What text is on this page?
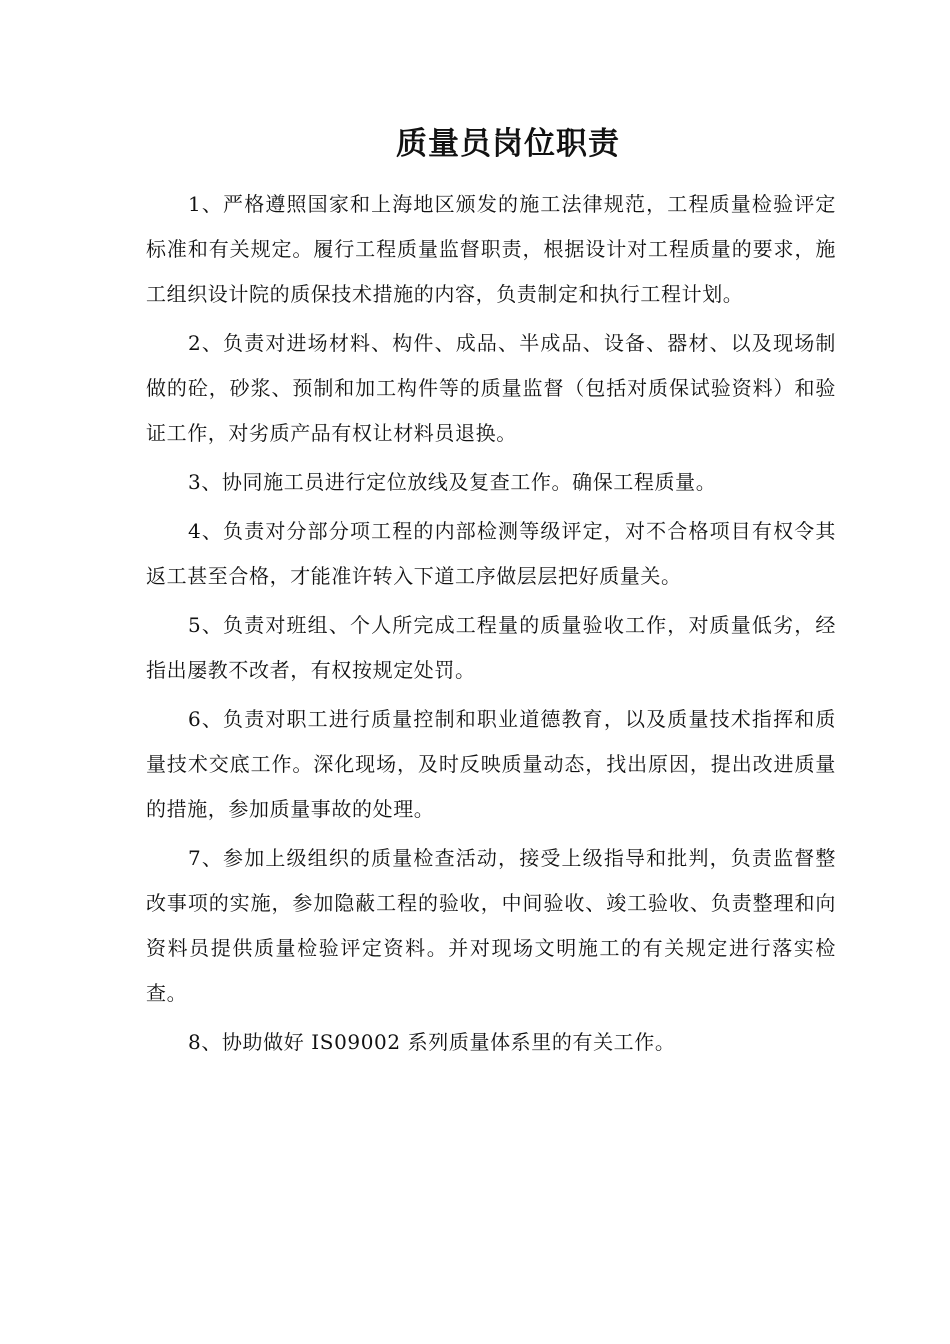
质量员岗位职责

1、严格遵照国家和上海地区颁发的施工法律规范，工程质量检验评定标准和有关规定。履行工程质量监督职责，根据设计对工程质量的要求，施工组织设计院的质保技术措施的内容，负责制定和执行工程计划。

2、负责对进场材料、构件、成品、半成品、设备、器材、以及现场制做的砼，砂浆、预制和加工构件等的质量监督（包括对质保试验资料）和验证工作，对劣质产品有权让材料员退换。

3、协同施工员进行定位放线及复查工作。确保工程质量。

4、负责对分部分项工程的内部检测等级评定，对不合格项目有权令其返工甚至合格，才能准许转入下道工序做层层把好质量关。

5、负责对班组、个人所完成工程量的质量验收工作，对质量低劣，经指出屡教不改者，有权按规定处罚。

6、负责对职工进行质量控制和职业道德教育，以及质量技术指挥和质量技术交底工作。深化现场，及时反映质量动态，找出原因，提出改进质量的措施，参加质量事故的处理。

7、参加上级组织的质量检查活动，接受上级指导和批判，负责监督整改事项的实施，参加隐蔽工程的验收，中间验收、竣工验收、负责整理和向资料员提供质量检验评定资料。并对现场文明施工的有关规定进行落实检查。

8、协助做好 IS09002 系列质量体系里的有关工作。
